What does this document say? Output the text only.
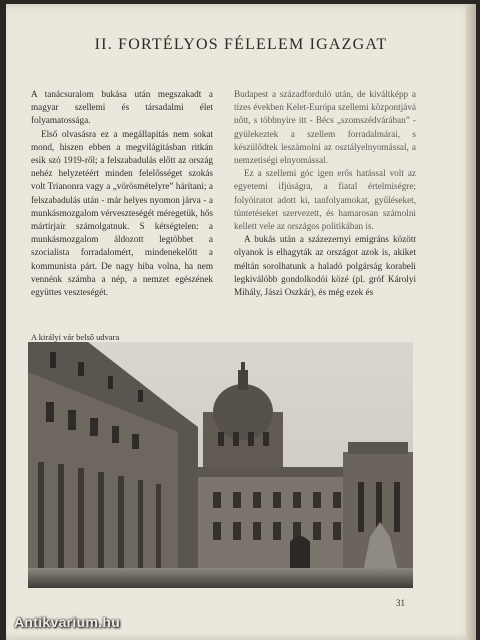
II. FORTÉLYOS FÉLELEM IGAZGAT

A tanácsuralom bukása után megszakadt a magyar szellemi és társadalmi élet folyamatossága.

Első olvasásra ez a megállapítás nem sokat mond, hiszen ebben a megvilágításban ritkán esik szó 1919-ről; a felszabadulás előtt az ország nehéz helyzetéért minden felelősséget szokás volt Trianonra vagy a „vörösmételyre” hárítani; a felszabadulás után - már helyes nyomon járva - a munkásmozgalom vérveszteségét méregetük, hős mártírjair számolgatnuk. S kétségtelen: a munkásmozgalom áldozott legtöbbet a szocialista forradalomért, mindenekelőtt a kommunista párt. De nagy hiba volna, ha nem vennénk számba a nép, a nemzet egészének együttes veszteségét.

Budapest a századforduló után, de kiváltképp a tízes években Kelet-Európa szellemi központjává nőtt, s többnyire itt - Bécs „szomszédvárában” - gyülekeztek a szellem forradalmárai, s készülődtek leszámolni az osztályelnyomással, a nemzetiségi elnyomással.

Ez a szellemi góc igen erős hatással volt az egyetemi ifjúságra, a fiatal értelmiségre; folyóiratot adott ki, tanfolyamokat, gyűléseket, tüntetéseket szervezett, és hamarosan számolni kellett vele az országos politikában is.

A bukás után a százezernyi emigráns között olyanok is elhagyták az országot azok is, akiket méltán sorolhatunk a haladó polgárság korabeli legkiválóbb gondolkodói közé (pl. gróf Károlyi Mihály, Jászi Oszkár), és még ezek és

A királyi vár belső udvara
31
Antikvarium.hu
